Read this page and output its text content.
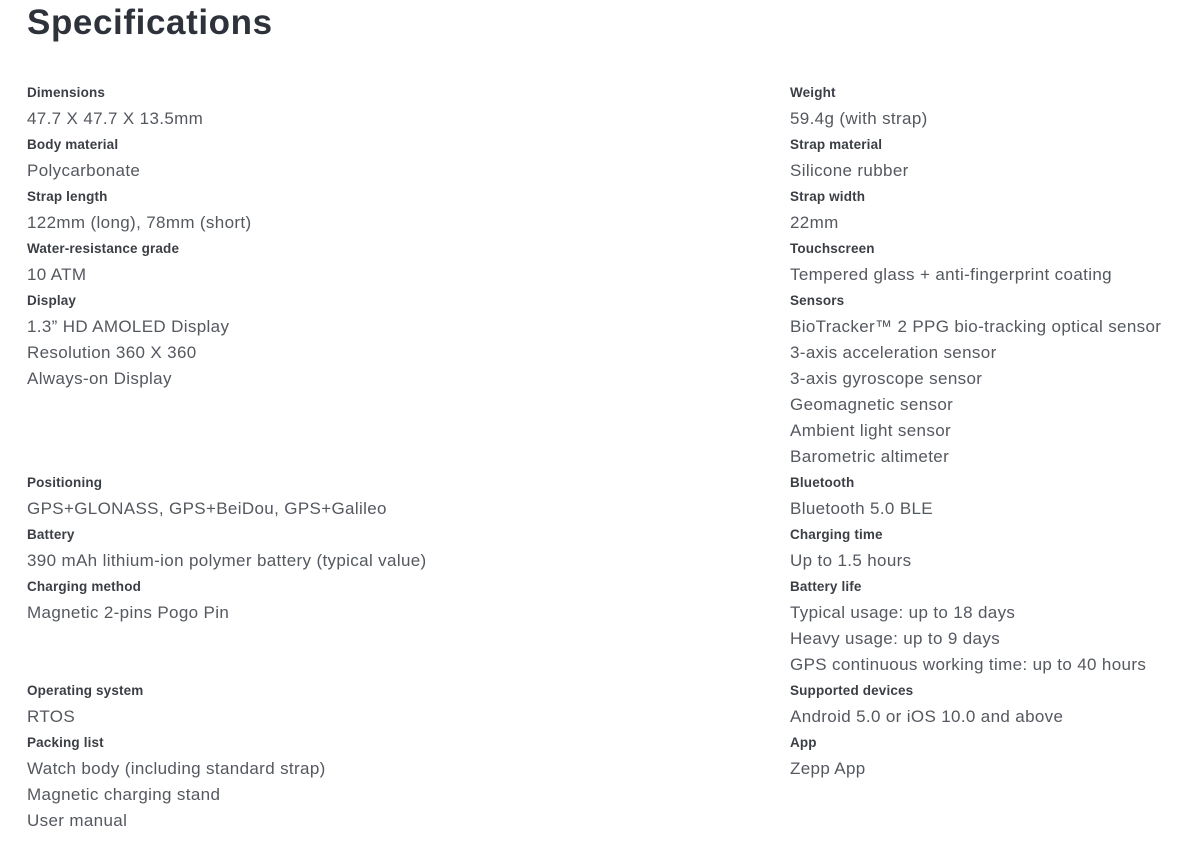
Specifications
Dimensions
47.7 X 47.7 X 13.5mm
Weight
59.4g (with strap)
Body material
Polycarbonate
Strap material
Silicone rubber
Strap length
122mm (long), 78mm (short)
Strap width
22mm
Water-resistance grade
10 ATM
Touchscreen
Tempered glass + anti-fingerprint coating
Display
1.3” HD AMOLED Display
Resolution 360 X 360
Always-on Display
Sensors
BioTracker™ 2 PPG bio-tracking optical sensor
3-axis acceleration sensor
3-axis gyroscope sensor
Geomagnetic sensor
Ambient light sensor
Barometric altimeter
Positioning
GPS+GLONASS, GPS+BeiDou, GPS+Galileo
Bluetooth
Bluetooth 5.0 BLE
Battery
390 mAh lithium-ion polymer battery (typical value)
Charging time
Up to 1.5 hours
Charging method
Magnetic 2-pins Pogo Pin
Battery life
Typical usage: up to 18 days
Heavy usage: up to 9 days
GPS continuous working time: up to 40 hours
Operating system
RTOS
Supported devices
Android 5.0 or iOS 10.0 and above
Packing list
Watch body (including standard strap)
Magnetic charging stand
User manual
App
Zepp App
